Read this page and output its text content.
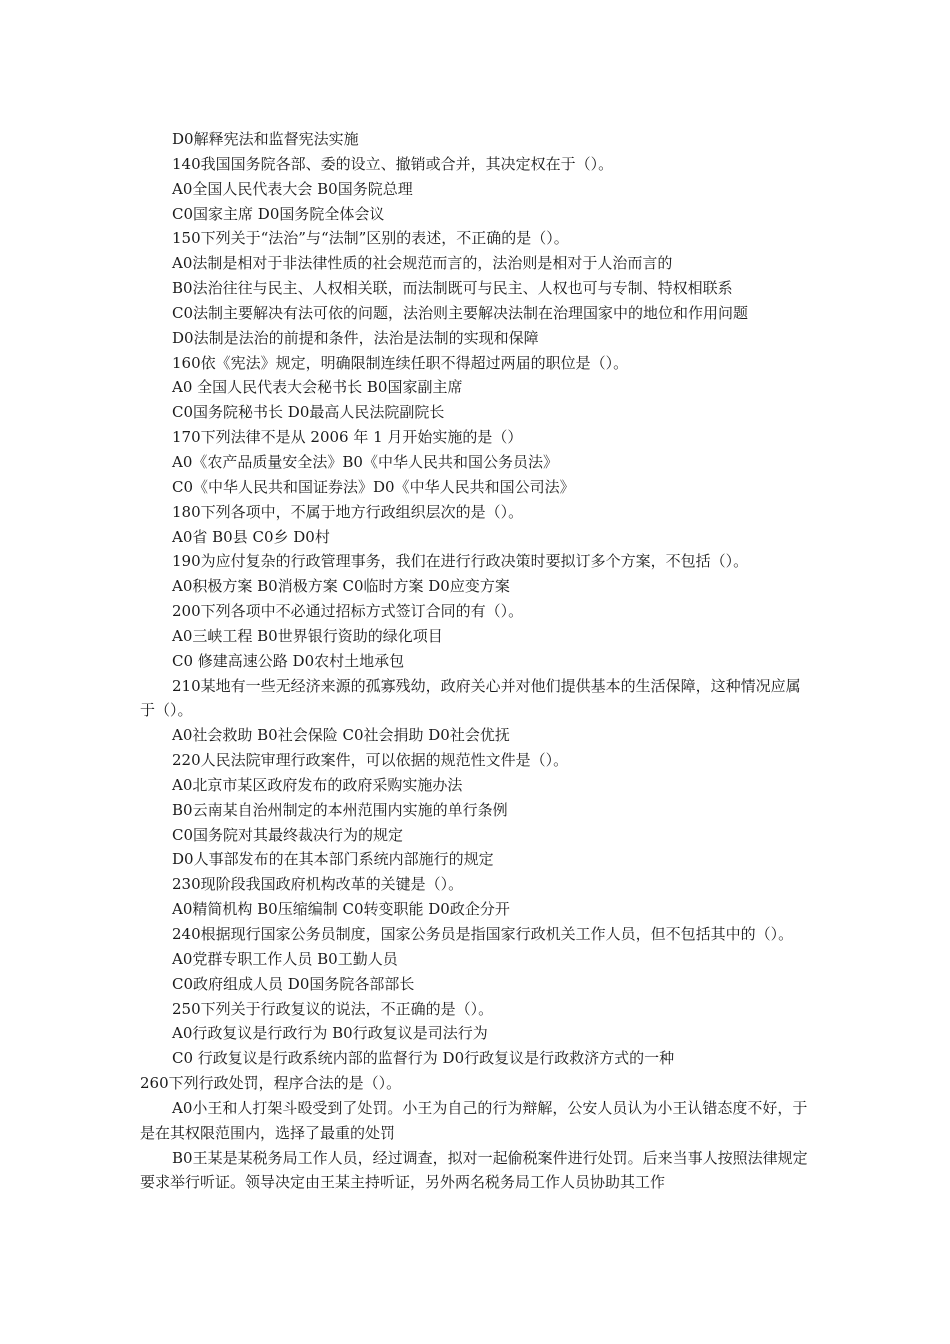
D0解释宪法和监督宪法实施
140我国国务院各部、委的设立、撤销或合并，其决定权在于（）。
A0全国人民代表大会 B0国务院总理
C0国家主席 D0国务院全体会议
150下列关于“法治”与“法制”区别的表述，不正确的是（）。
A0法制是相对于非法律性质的社会规范而言的，法治则是相对于人治而言的
B0法治往往与民主、人权相关联，而法制既可与民主、人权也可与专制、特权相联系
C0法制主要解决有法可依的问题，法治则主要解决法制在治理国家中的地位和作用问题
D0法制是法治的前提和条件，法治是法制的实现和保障
160依《宪法》规定，明确限制连续任职不得超过两届的职位是（）。
A0 全国人民代表大会秘书长 B0国家副主席
C0国务院秘书长 D0最高人民法院副院长
170下列法律不是从 2006 年 1 月开始实施的是（）
A0《农产品质量安全法》B0《中华人民共和国公务员法》
C0《中华人民共和国证券法》D0《中华人民共和国公司法》
180下列各项中，不属于地方行政组织层次的是（）。
A0省 B0县 C0乡 D0村
190为应付复杂的行政管理事务，我们在进行行政决策时要拟订多个方案，不包括（）。
A0积极方案 B0消极方案 C0临时方案 D0应变方案
200下列各项中不必通过招标方式签订合同的有（）。
A0三峡工程 B0世界银行资助的绿化项目
C0 修建高速公路 D0农村土地承包
210某地有一些无经济来源的孤寡残幼，政府关心并对他们提供基本的生活保障，这种情况应属于（）。
A0社会救助 B0社会保险 C0社会捐助 D0社会优抚
220人民法院审理行政案件，可以依据的规范性文件是（）。
A0北京市某区政府发布的政府采购实施办法
B0云南某自治州制定的本州范围内实施的单行条例
C0国务院对其最终裁决行为的规定
D0人事部发布的在其本部门系统内部施行的规定
230现阶段我国政府机构改革的关键是（）。
A0精简机构 B0压缩编制 C0转变职能 D0政企分开
240根据现行国家公务员制度，国家公务员是指国家行政机关工作人员，但不包括其中的（）。
A0党群专职工作人员 B0工勤人员
C0政府组成人员 D0国务院各部部长
250下列关于行政复议的说法，不正确的是（）。
A0行政复议是行政行为 B0行政复议是司法行为
C0 行政复议是行政系统内部的监督行为 D0行政复议是行政救济方式的一种
260下列行政处罚，程序合法的是（）。
A0小王和人打架斗殴受到了处罚。小王为自己的行为辩解，公安人员认为小王认错态度不好，于是在其权限范围内，选择了最重的处罚
B0王某是某税务局工作人员，经过调查，拟对一起偷税案件进行处罚。后来当事人按照法律规定要求举行听证。领导决定由王某主持听证，另外两名税务局工作人员协助其工作
